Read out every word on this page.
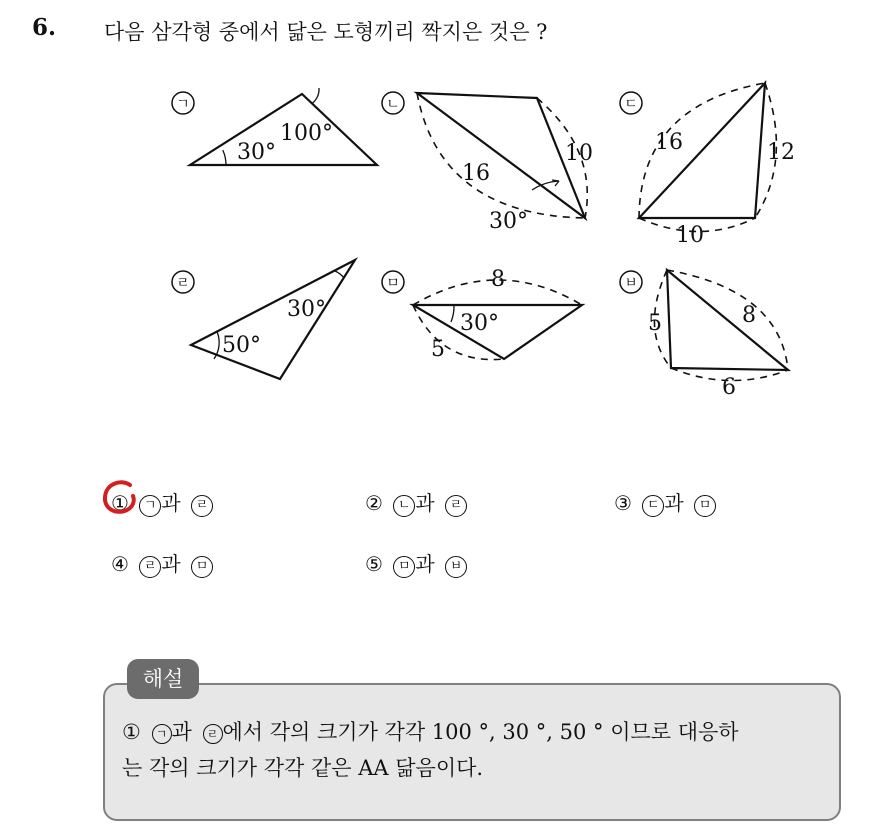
6. 다음 삼각형 중에서 닮은 도형끼리 짝지은 것은 ?
ㄱ	ㄴ	ㄷ
ㄹ	ㅁ	ㅂ
30°
100°
16
10
30°
16	12
10
50°
30°
8
5
30°	5	8
6
① ㄱ 과 ㄹ	② ㄴ 과 ㄹ	③ ㄷ 과 ㅁ
④ ㄹ 과 ㅁ	⑤ ㅁ 과 ㅂ
해설
① ㄱ 과 ㄹ 에서 각의 크기가 각각 100 °, 30 °, 50 ° 이므로 대응하
는 각의 크기가 각각 같은 AA 닮음이다.
